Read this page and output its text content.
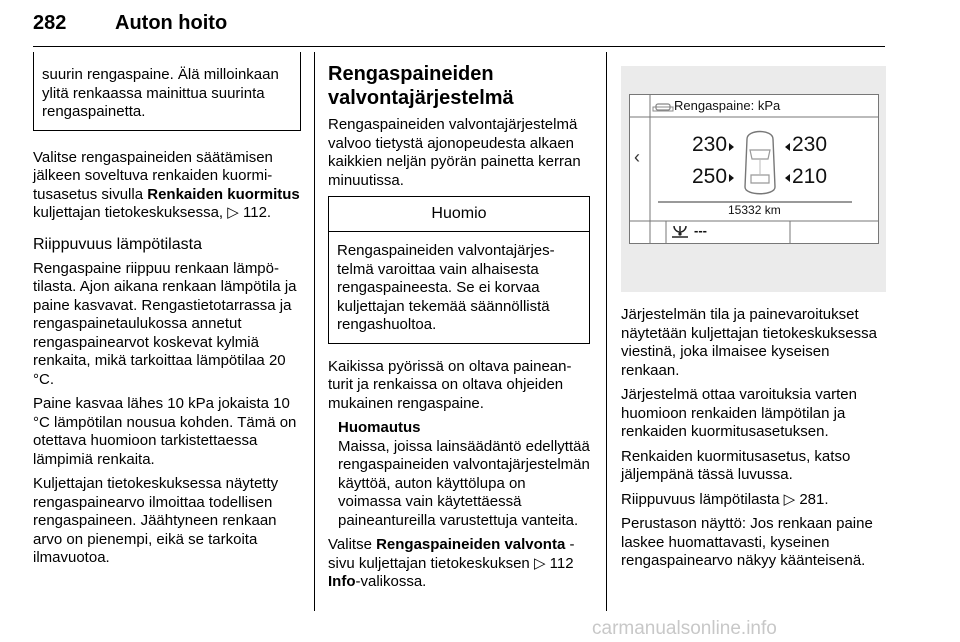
282 Auton hoito
suurin rengaspaine. Älä milloinkaan ylitä renkaassa mainittua suurinta rengaspainetta.

Valitse rengaspaineiden säätämisen jälkeen soveltuva renkaiden kuormitusasetus sivulla Renkaiden kuormitus kuljettajan tietokeskuksessa, ▷ 112.

Riippuvuus lämpötilasta

Rengaspaine riippuu renkaan lämpötilasta. Ajon aikana renkaan lämpötila ja paine kasvavat. Rengastietotarrassa ja rengaspainetaulukossa annetut rengaspainearvot koskevat kylmiä renkaita, mikä tarkoittaa lämpötilaa 20 °C.

Paine kasvaa lähes 10 kPa jokaista 10 °C lämpötilan nousua kohden. Tämä on otettava huomioon tarkistettaessa lämpimiä renkaita.

Kuljettajan tietokeskuksessa näytetty rengaspainearvo ilmoittaa todellisen rengaspaineen. Jäähtyneen renkaan arvo on pienempi, eikä se tarkoita ilmavuotoa.

Rengaspaineiden valvontajärjestelmä

Rengaspaineiden valvontajärjestelmä valvoo tietystä ajonopeudesta alkaen kaikkien neljän pyörän painetta kerran minuutissa.

Huomio
Rengaspaineiden valvontajärjestelmä varoittaa vain alhaisesta rengaspaineesta. Se ei korvaa kuljettajan tekemää säännöllistä rengashuoltoa.

Kaikissa pyörissä on oltava paineanturit ja renkaissa on oltava ohjeiden mukainen rengaspaine.

Huomautus

Maissa, joissa lainsäädäntö edellyttää rengaspaineiden valvontajärjestelmän käyttöä, auton käyttölupa on voimassa vain käytettäessä paineantureilla varustettuja vanteita.

Valitse Rengaspaineiden valvonta -sivu kuljettajan tietokeskuksen ▷ 112
Info-valikossa.

‹
Rengaspaine: kPa
230	230
250	210
15332 km
---

Järjestelmän tila ja painevaroitukset näytetään kuljettajan tietokeskuksessa viestinä, joka ilmaisee kyseisen renkaan.

Järjestelmä ottaa varoituksia varten huomioon renkaiden lämpötilan ja renkaiden kuormitusasetuksen.

Renkaiden kuormitusasetus, katso jäljempänä tässä luvussa.

Riippuvuus lämpötilasta ▷ 281.

Perustason näyttö: Jos renkaan paine laskee huomattavasti, kyseinen rengaspainearvo näkyy käänteisenä.

carmanualsonline.info
